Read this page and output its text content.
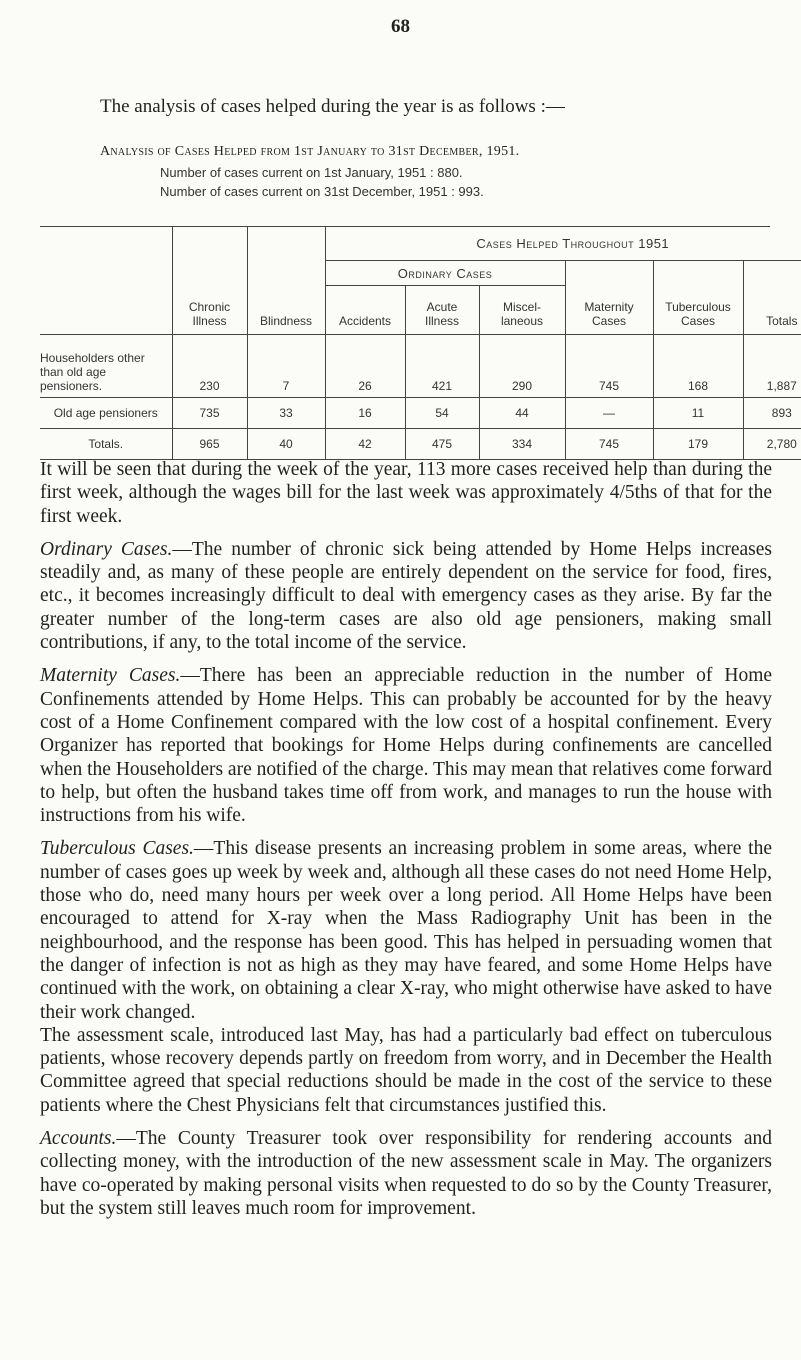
68
The analysis of cases helped during the year is as follows :—
Analysis of Cases Helped from 1st January to 31st December, 1951.
Number of cases current on 1st January, 1951 : 880.
Number of cases current on 31st December, 1951 : 993.
	Chronic Illness	Blindness	Cases Helped Throughout 1951					
			Ordinary Cases			Maternity Cases	Tuberculous Cases	Totals
			Accidents	Acute Illness	Miscel- laneous			
Householders other than old age pensioners.	230	7	26	421	290	745	168	1,887
Old age pensioners	735	33	16	54	44	—	11	893
Totals.	965	40	42	475	334	745	179	2,780

It will be seen that during the week of the year, 113 more cases received help than during the first week, although the wages bill for the last week was approximately 4/5ths of that for the first week.

Ordinary Cases.—The number of chronic sick being attended by Home Helps increases steadily and, as many of these people are entirely dependent on the service for food, fires, etc., it becomes increasingly difficult to deal with emergency cases as they arise. By far the greater number of the long-term cases are also old age pensioners, making small contributions, if any, to the total income of the service.

Maternity Cases.—There has been an appreciable reduction in the number of Home Confinements attended by Home Helps. This can probably be accounted for by the heavy cost of a Home Confinement compared with the low cost of a hospital confinement. Every Organizer has reported that bookings for Home Helps during confinements are cancelled when the Householders are notified of the charge. This may mean that relatives come forward to help, but often the husband takes time off from work, and manages to run the house with instructions from his wife.

Tuberculous Cases.—This disease presents an increasing problem in some areas, where the number of cases goes up week by week and, although all these cases do not need Home Help, those who do, need many hours per week over a long period. All Home Helps have been encouraged to attend for X-ray when the Mass Radiography Unit has been in the neighbourhood, and the response has been good. This has helped in persuading women that the danger of infection is not as high as they may have feared, and some Home Helps have continued with the work, on obtaining a clear X-ray, who might otherwise have asked to have their work changed.

The assessment scale, introduced last May, has had a particularly bad effect on tuberculous patients, whose recovery depends partly on freedom from worry, and in December the Health Committee agreed that special reductions should be made in the cost of the service to these patients where the Chest Physicians felt that circumstances justified this.

Accounts.—The County Treasurer took over responsibility for rendering accounts and collecting money, with the introduction of the new assessment scale in May. The organizers have co-operated by making personal visits when requested to do so by the County Treasurer, but the system still leaves much room for improvement.
